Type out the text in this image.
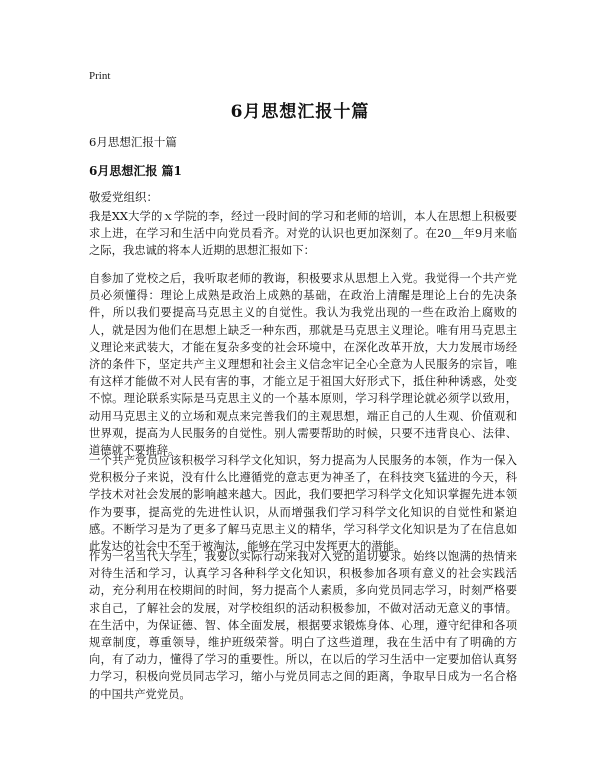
Print
6月思想汇报十篇
6月思想汇报十篇
6月思想汇报 篇1
敬爱党组织：

我是XX大学的ｘ学院的李，经过一段时间的学习和老师的培训，本人在思想上积极要求上进，在学习和生活中向党员看齐。对党的认识也更加深刻了。在20＿年9月来临之际，我忠诚的将本人近期的思想汇报如下：

自参加了党校之后，我听取老师的教诲，积极要求从思想上入党。我觉得一个共产党员必须懂得：理论上成熟是政治上成熟的基础，在政治上清醒是理论上台的先决条件，所以我们要提高马克思主义的自觉性。我认为我党出现的一些在政治上腐败的人，就是因为他们在思想上缺乏一种东西，那就是马克思主义理论。唯有用马克思主义理论来武装大，才能在复杂多变的社会环境中，在深化改革开放，大力发展市场经济的条件下，坚定共产主义理想和社会主义信念牢记全心全意为人民服务的宗旨，唯有这样才能做不对人民有害的事，才能立足于祖国大好形式下，抵住种种诱惑，处变不惊。理论联系实际是马克思主义的一个基本原则，学习科学理论就必须学以致用，动用马克思主义的立场和观点来完善我们的主观思想，端正自己的人生观、价值观和世界观，提高为人民服务的自觉性。别人需要帮助的时候，只要不违背良心、法律、道德就不要推辞。

一个共产党员应该积极学习科学文化知识，努力提高为人民服务的本领，作为一保入党积极分子来说，没有什么比遵循党的意志更为神圣了，在科技突飞猛进的今天，科学技术对社会发展的影响越来越大。因此，我们要把学习科学文化知识掌握先进本领作为要事，提高党的先进性认识，从而增强我们学习科学文化知识的自觉性和紧迫感。不断学习是为了更多了解马克思主义的精华，学习科学文化知识是为了在信息如此发达的社会中不至于被淘汰，能够在学习中发挥更大的潜能。

作为一名当代大学生，我要以实际行动来我对入党的追切要求。始终以饱满的热情来对待生活和学习，认真学习各种科学文化知识，积极参加各项有意义的社会实践活动，充分利用在校期间的时间，努力提高个人素质，多向党员同志学习，时刻严格要求自己，了解社会的发展，对学校组织的活动积极参加，不做对活动无意义的事情。在生活中，为保证德、智、体全面发展，根据要求锻炼身体、心理，遵守纪律和各项规章制度，尊重领导，维护班级荣誉。明白了这些道理，我在生活中有了明确的方向，有了动力，懂得了学习的重要性。所以，在以后的学习生活中一定要加倍认真努力学习，积极向党员同志学习，缩小与党员同志之间的距离，争取早日成为一名合格的中国共产党党员。
